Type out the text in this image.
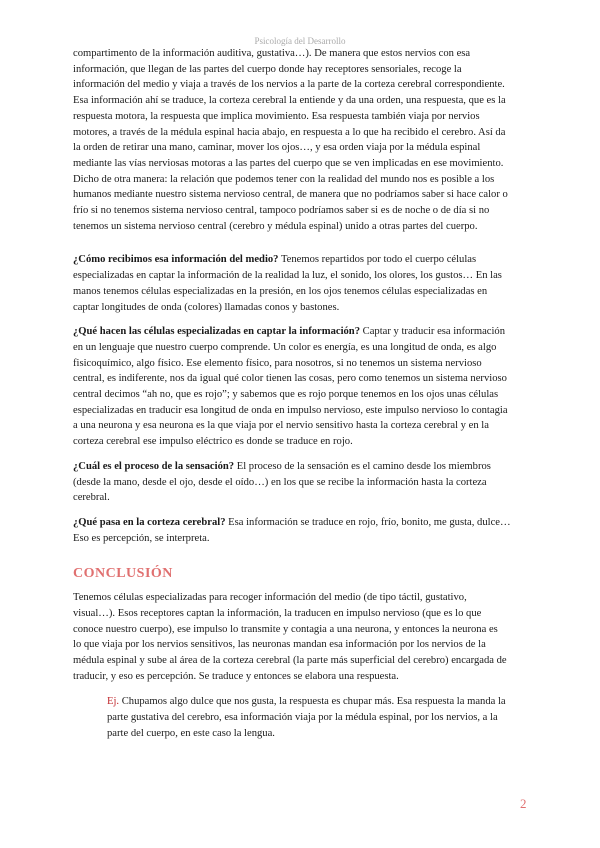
Psicología del Desarrollo
compartimento de la información auditiva, gustativa…). De manera que estos nervios con esa
información, que llegan de las partes del cuerpo donde hay receptores sensoriales, recoge la
información del medio y viaja a través de los nervios a la parte de la corteza cerebral correspondiente.
Esa información ahí se traduce, la corteza cerebral la entiende y da una orden, una respuesta, que es la
respuesta motora, la respuesta que implica movimiento. Esa respuesta también viaja por nervios
motores, a través de la médula espinal hacia abajo, en respuesta a lo que ha recibido el cerebro. Así da
la orden de retirar una mano, caminar, mover los ojos…, y esa orden viaja por la médula espinal
mediante las vías nerviosas motoras a las partes del cuerpo que se ven implicadas en ese movimiento.
Dicho de otra manera: la relación que podemos tener con la realidad del mundo nos es posible a los
humanos mediante nuestro sistema nervioso central, de manera que no podríamos saber si hace calor o
frío si no tenemos sistema nervioso central, tampoco podríamos saber si es de noche o de día si no
tenemos un sistema nervioso central (cerebro y médula espinal) unido a otras partes del cuerpo.
¿Cómo recibimos esa información del medio? Tenemos repartidos por todo el cuerpo células
especializadas en captar la información de la realidad la luz, el sonido, los olores, los gustos… En las
manos tenemos células especializadas en la presión, en los ojos tenemos células especializadas en
captar longitudes de onda (colores) llamadas conos y bastones.
¿Qué hacen las células especializadas en captar la información? Captar y traducir esa información
en un lenguaje que nuestro cuerpo comprende. Un color es energía, es una longitud de onda, es algo
fisicoquímico, algo físico. Ese elemento físico, para nosotros, si no tenemos un sistema nervioso
central, es indiferente, nos da igual qué color tienen las cosas, pero como tenemos un sistema nervioso
central decimos “ah no, que es rojo”; y sabemos que es rojo porque tenemos en los ojos unas células
especializadas en traducir esa longitud de onda en impulso nervioso, este impulso nervioso lo contagia
a una neurona y esa neurona es la que viaja por el nervio sensitivo hasta la corteza cerebral y en la
corteza cerebral ese impulso eléctrico es donde se traduce en rojo.
¿Cuál es el proceso de la sensación? El proceso de la sensación es el camino desde los miembros
(desde la mano, desde el ojo, desde el oído…) en los que se recibe la información hasta la corteza
cerebral.
¿Qué pasa en la corteza cerebral? Esa información se traduce en rojo, frío, bonito, me gusta, dulce…
Eso es percepción, se interpreta.
CONCLUSIÓN
Tenemos células especializadas para recoger información del medio (de tipo táctil, gustativo,
visual…). Esos receptores captan la información, la traducen en impulso nervioso (que es lo que
conoce nuestro cuerpo), ese impulso lo transmite y contagia a una neurona, y entonces la neurona es
lo que viaja por los nervios sensitivos, las neuronas mandan esa información por los nervios de la
médula espinal y sube al área de la corteza cerebral (la parte más superficial del cerebro) encargada de
traducir, y eso es percepción. Se traduce y entonces se elabora una respuesta.
Ej. Chupamos algo dulce que nos gusta, la respuesta es chupar más. Esa respuesta la manda la
parte gustativa del cerebro, esa información viaja por la médula espinal, por los nervios, a la
parte del cuerpo, en este caso la lengua.
2
